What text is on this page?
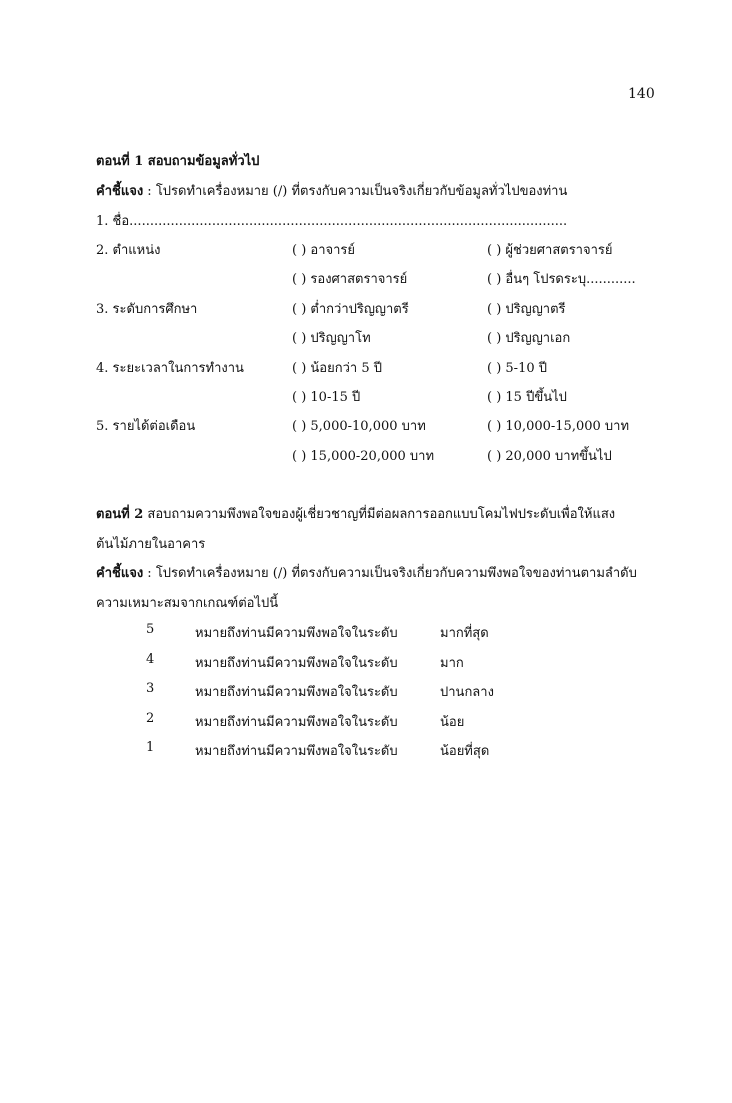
140
ตอนที่ 1 สอบถามข้อมูลทั่วไป
คำชี้แจง : โปรดทำเครื่องหมาย (/) ที่ตรงกับความเป็นจริงเกี่ยวกับข้อมูลทั่วไปของท่าน
1. ชื่อ..........................................................................................................
2. ตำแหน่ง	( ) อาจารย์	( ) ผู้ช่วยศาสตราจารย์
( ) รองศาสตราจารย์	( ) อื่นๆ โปรดระบุ............
3. ระดับการศึกษา	( ) ต่ำกว่าปริญญาตรี	( ) ปริญญาตรี
( ) ปริญญาโท	( ) ปริญญาเอก
4. ระยะเวลาในการทำงาน	( ) น้อยกว่า 5 ปี	( ) 5-10 ปี
( ) 10-15 ปี	( ) 15 ปีขึ้นไป
5. รายได้ต่อเดือน	( ) 5,000-10,000 บาท	( ) 10,000-15,000 บาท
( ) 15,000-20,000 บาท	( ) 20,000 บาทขึ้นไป
ตอนที่ 2 สอบถามความพึงพอใจของผู้เชี่ยวชาญที่มีต่อผลการออกแบบโคมไฟประดับเพื่อให้แสง
ต้นไม้ภายในอาคาร
คำชี้แจง : โปรดทำเครื่องหมาย (/) ที่ตรงกับความเป็นจริงเกี่ยวกับความพึงพอใจของท่านตามลำดับ
ความเหมาะสมจากเกณฑ์ต่อไปนี้
5	หมายถึงท่านมีความพึงพอใจในระดับ	มากที่สุด
4	หมายถึงท่านมีความพึงพอใจในระดับ	มาก
3	หมายถึงท่านมีความพึงพอใจในระดับ	ปานกลาง
2	หมายถึงท่านมีความพึงพอใจในระดับ	น้อย
1	หมายถึงท่านมีความพึงพอใจในระดับ	น้อยที่สุด
